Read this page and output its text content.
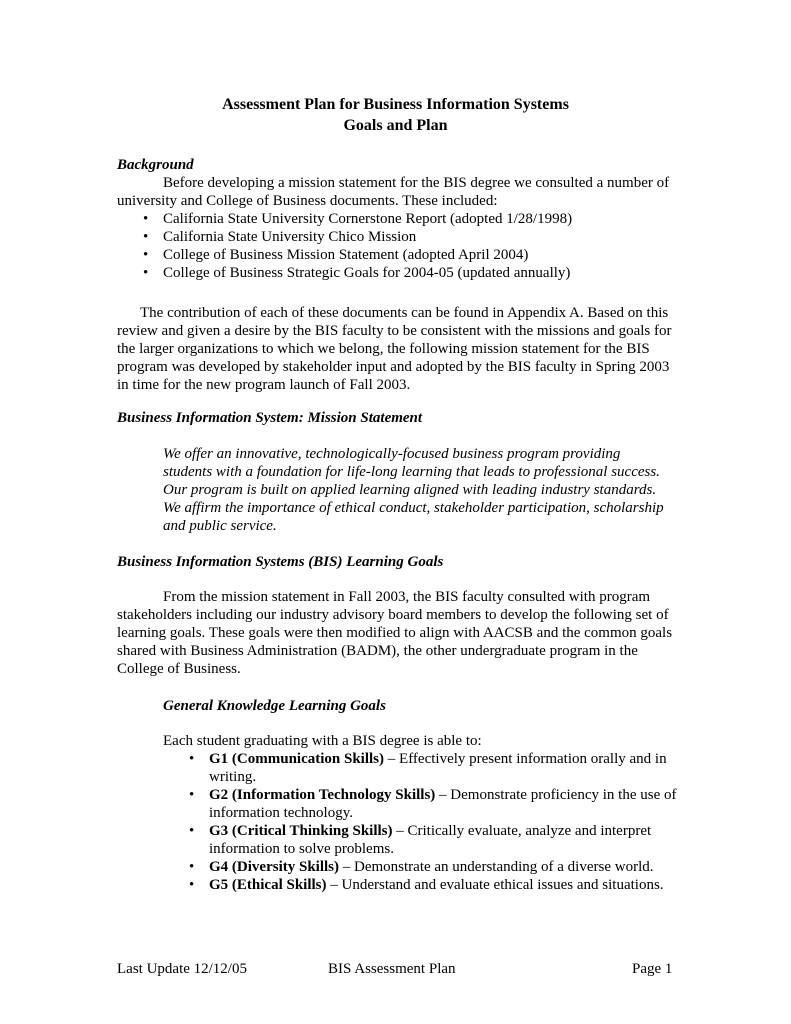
Assessment Plan for Business Information Systems
Goals and Plan
Background

Before developing a mission statement for the BIS degree we consulted a number of university and College of Business documents. These included:

• California State University Cornerstone Report (adopted 1/28/1998)
• California State University Chico Mission
• College of Business Mission Statement (adopted April 2004)
• College of Business Strategic Goals for 2004-05 (updated annually)

The contribution of each of these documents can be found in Appendix A. Based on this review and given a desire by the BIS faculty to be consistent with the missions and goals for the larger organizations to which we belong, the following mission statement for the BIS program was developed by stakeholder input and adopted by the BIS faculty in Spring 2003 in time for the new program launch of Fall 2003.

Business Information System: Mission Statement
We offer an innovative, technologically-focused business program providing students with a foundation for life-long learning that leads to professional success. Our program is built on applied learning aligned with leading industry standards. We affirm the importance of ethical conduct, stakeholder participation, scholarship and public service.
Business Information Systems (BIS) Learning Goals

From the mission statement in Fall 2003, the BIS faculty consulted with program stakeholders including our industry advisory board members to develop the following set of learning goals. These goals were then modified to align with AACSB and the common goals shared with Business Administration (BADM), the other undergraduate program in the College of Business.

General Knowledge Learning Goals
Each student graduating with a BIS degree is able to:
• G1 (Communication Skills) – Effectively present information orally and in writing.
• G2 (Information Technology Skills) – Demonstrate proficiency in the use of information technology.
• G3 (Critical Thinking Skills) – Critically evaluate, analyze and interpret information to solve problems.
• G4 (Diversity Skills) – Demonstrate an understanding of a diverse world.
• G5 (Ethical Skills) – Understand and evaluate ethical issues and situations.
Last Update 12/12/05	BIS Assessment Plan	Page 1
